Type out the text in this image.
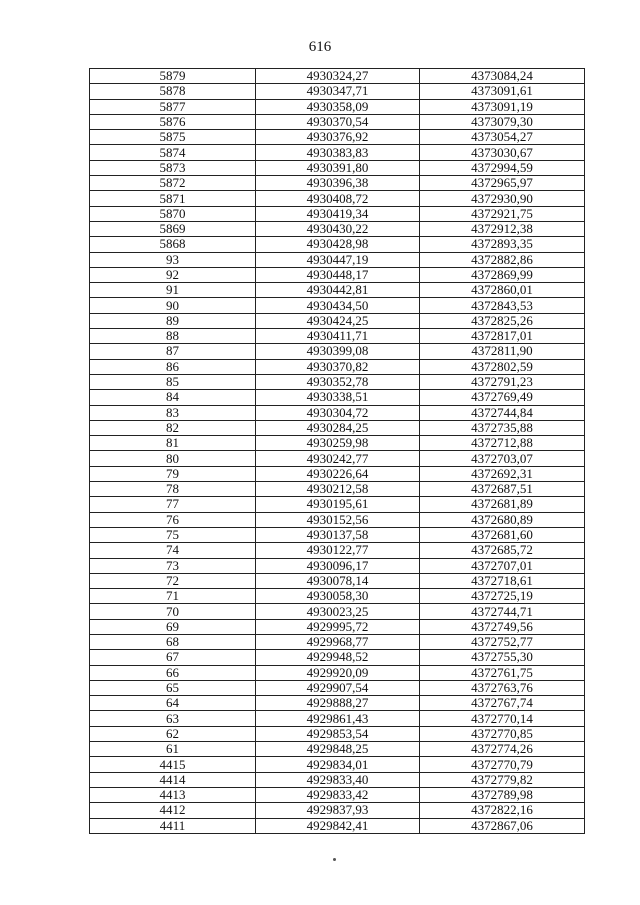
616
5879	4930324,27	4373084,24
5878	4930347,71	4373091,61
5877	4930358,09	4373091,19
5876	4930370,54	4373079,30
5875	4930376,92	4373054,27
5874	4930383,83	4373030,67
5873	4930391,80	4372994,59
5872	4930396,38	4372965,97
5871	4930408,72	4372930,90
5870	4930419,34	4372921,75
5869	4930430,22	4372912,38
5868	4930428,98	4372893,35
93	4930447,19	4372882,86
92	4930448,17	4372869,99
91	4930442,81	4372860,01
90	4930434,50	4372843,53
89	4930424,25	4372825,26
88	4930411,71	4372817,01
87	4930399,08	4372811,90
86	4930370,82	4372802,59
85	4930352,78	4372791,23
84	4930338,51	4372769,49
83	4930304,72	4372744,84
82	4930284,25	4372735,88
81	4930259,98	4372712,88
80	4930242,77	4372703,07
79	4930226,64	4372692,31
78	4930212,58	4372687,51
77	4930195,61	4372681,89
76	4930152,56	4372680,89
75	4930137,58	4372681,60
74	4930122,77	4372685,72
73	4930096,17	4372707,01
72	4930078,14	4372718,61
71	4930058,30	4372725,19
70	4930023,25	4372744,71
69	4929995,72	4372749,56
68	4929968,77	4372752,77
67	4929948,52	4372755,30
66	4929920,09	4372761,75
65	4929907,54	4372763,76
64	4929888,27	4372767,74
63	4929861,43	4372770,14
62	4929853,54	4372770,85
61	4929848,25	4372774,26
4415	4929834,01	4372770,79
4414	4929833,40	4372779,82
4413	4929833,42	4372789,98
4412	4929837,93	4372822,16
4411	4929842,41	4372867,06
